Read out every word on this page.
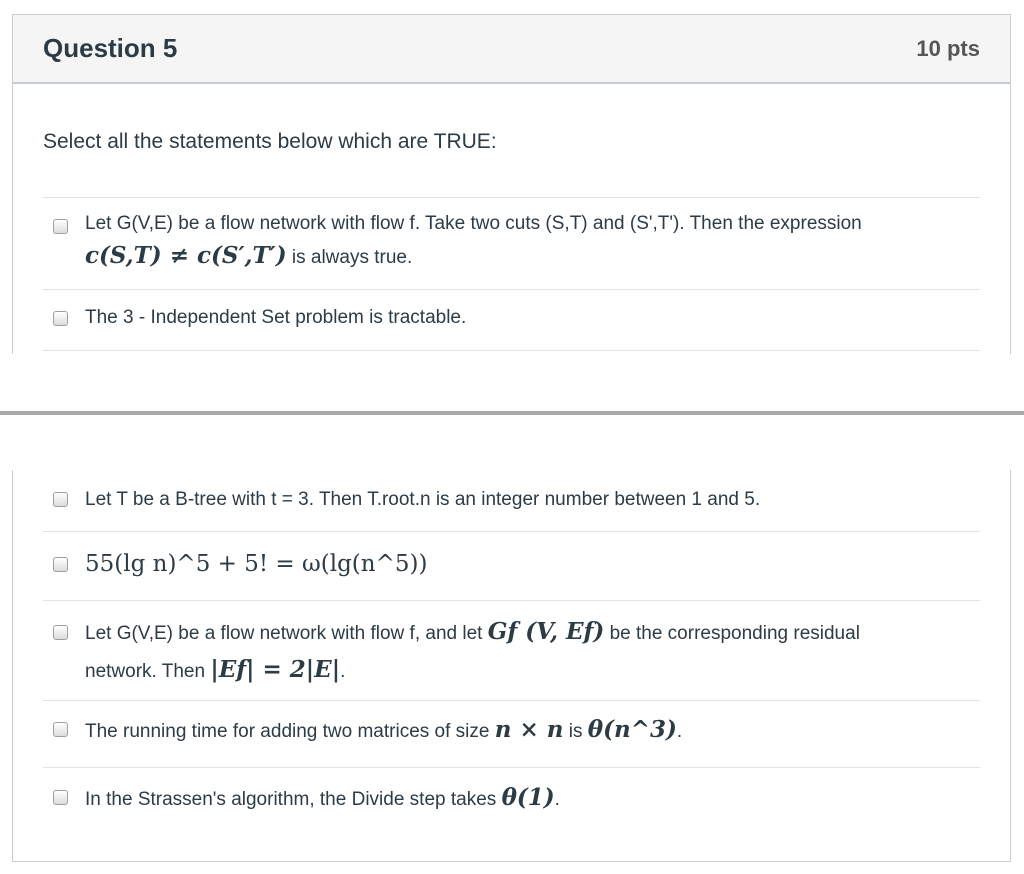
Question 5	10 pts
Select all the statements below which are TRUE:
Let G(V,E) be a flow network with flow f. Take two cuts (S,T) and (S',T'). Then the expression
c(S,T) ≠ c(S′,T′) is always true.
The 3 - Independent Set problem is tractable.
Let T be a B-tree with t = 3. Then T.root.n is an integer number between 1 and 5.
55(lg n)^5 + 5! = ω(lg(n^5))
Let G(V,E) be a flow network with flow f, and let Gf (V, Ef) be the corresponding residual
network. Then |Ef| = 2|E|.
The running time for adding two matrices of size n × n is θ(n^3).
In the Strassen's algorithm, the Divide step takes θ(1).
